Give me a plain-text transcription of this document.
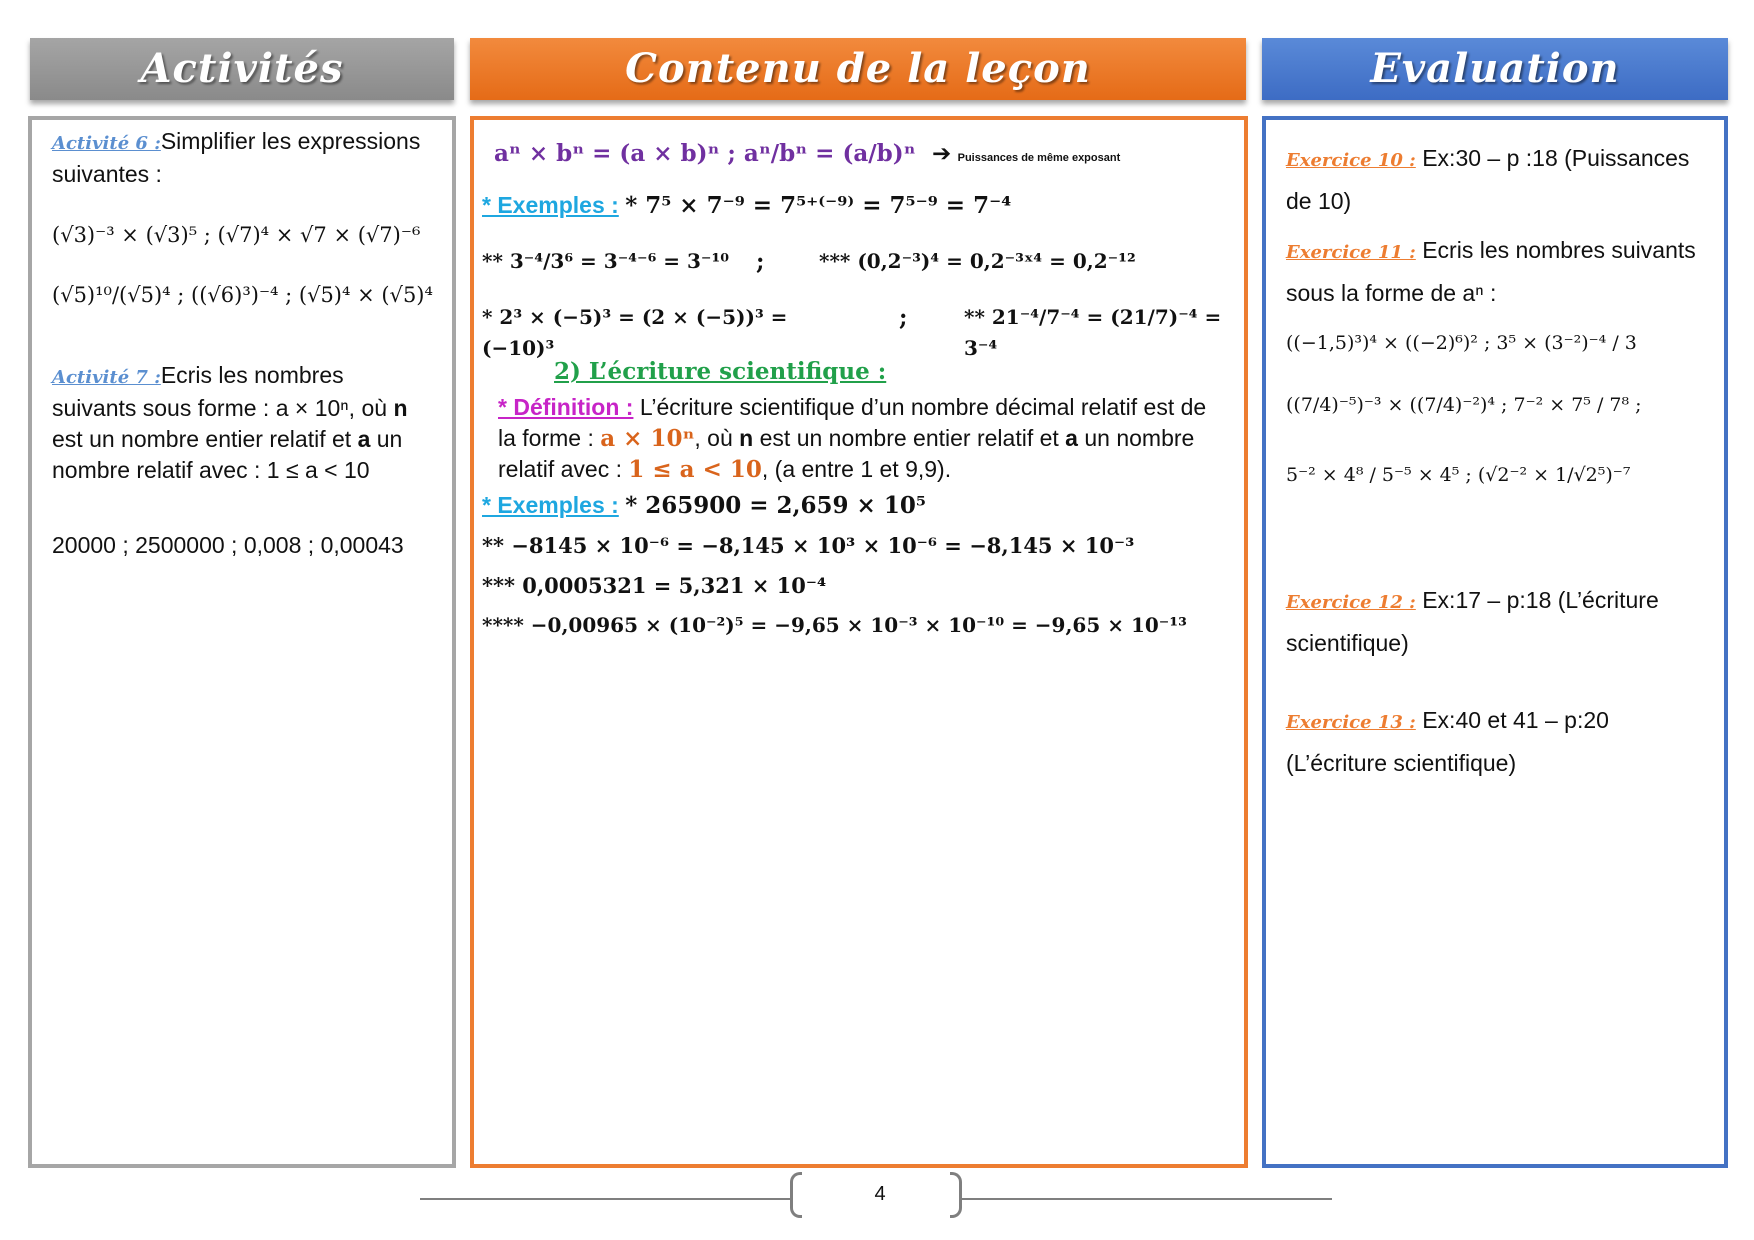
Activités	Contenu de la leçon	Evaluation
Activité 6 :Simplifier les expressions suivantes :
(√3)⁻³ × (√3)⁵ ; (√7)⁴ × √7 × (√7)⁻⁶
(√5)¹⁰/(√5)⁴ ; ((√6)³)⁻⁴ ; (√5)⁴ × (√5)⁴
Activité 7 :Ecris les nombres suivants sous forme : a × 10ⁿ, où n est un nombre entier relatif et a un nombre relatif avec : 1 ≤ a < 10
20000 ; 2500000 ; 0,008 ; 0,00043
aⁿ × bⁿ = (a × b)ⁿ ; aⁿ/bⁿ = (a/b)ⁿ ➔ Puissances de même exposant
* Exemples : * 7⁵ × 7⁻⁹ = 7⁵⁺⁽⁻⁹⁾ = 7⁵⁻⁹ = 7⁻⁴
** 3⁻⁴/3⁶ = 3⁻⁴⁻⁶ = 3⁻¹⁰	;	*** (0,2⁻³)⁴ = 0,2⁻³ˣ⁴ = 0,2⁻¹²
* 2³ × (−5)³ = (2 × (−5))³ = (−10)³
;	** 21⁻⁴/7⁻⁴ = (21/7)⁻⁴ = 3⁻⁴
2) L’écriture scientifique :
* Définition : L’écriture scientifique d’un nombre décimal relatif est de la forme : a × 10ⁿ, où n est un nombre entier relatif et a un nombre relatif avec : 1 ≤ a < 10, (a entre 1 et 9,9).
* Exemples : * 265900 = 2,659 × 10⁵
** −8145 × 10⁻⁶ = −8,145 × 10³ × 10⁻⁶ = −8,145 × 10⁻³
*** 0,0005321 = 5,321 × 10⁻⁴
**** −0,00965 × (10⁻²)⁵ = −9,65 × 10⁻³ × 10⁻¹⁰ = −9,65 × 10⁻¹³
Exercice 10 : Ex:30 – p :18 (Puissances de 10)
Exercice 11 : Ecris les nombres suivants sous la forme de aⁿ :
((−1,5)³)⁴ × ((−2)⁶)² ; 3⁵ × (3⁻²)⁻⁴ / 3
((7/4)⁻⁵)⁻³ × ((7/4)⁻²)⁴ ; 7⁻² × 7⁵ / 7⁸ ;
5⁻² × 4⁸ / 5⁻⁵ × 4⁵ ; (√2⁻² × 1/√2⁵)⁻⁷
Exercice 12 : Ex:17 – p:18 (L’écriture scientifique)
Exercice 13 : Ex:40 et 41 – p:20 (L’écriture scientifique)
4
